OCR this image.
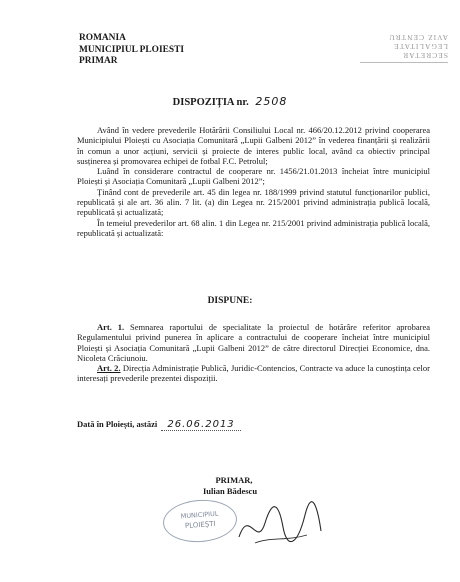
ROMANIA
MUNICIPIUL PLOIESTI
PRIMAR
SECRETAR
LEGALITATE
AVIZ CENTRU
DISPOZIȚIA nr. 2508

Având în vedere prevederile Hotărârii Consiliului Local nr. 466/20.12.2012 privind cooperarea Municipiului Ploiești cu Asociația Comunitară „Lupii Galbeni 2012” în vederea finanțării și realizării în comun a unor acțiuni, servicii și proiecte de interes public local, având ca obiectiv principal susținerea și promovarea echipei de fotbal F.C. Petrolul;

Luând în considerare contractul de cooperare nr. 1456/21.01.2013 încheiat între municipiul Ploiești și Asociația Comunitară „Lupii Galbeni 2012”;

Ținând cont de prevederile art. 45 din legea nr. 188/1999 privind statutul funcționarilor publici, republicată și ale art. 36 alin. 7 lit. (a) din Legea nr. 215/2001 privind administrația publică locală, republicată și actualizată;

În temeiul prevederilor art. 68 alin. 1 din Legea nr. 215/2001 privind administrația publică locală, republicată și actualizată:

DISPUNE:

Art. 1. Semnarea raportului de specialitate la proiectul de hotărâre referitor aprobarea Regulamentului privind punerea în aplicare a contractului de cooperare încheiat între municipiul Ploiești și Asociația Comunitară „Lupii Galbeni 2012” de către directorul Direcției Economice, dna. Nicoleta Crăciunoiu.

Art. 2. Direcția Administrație Publică, Juridic-Contencios, Contracte va aduce la cunoștința celor interesați prevederile prezentei dispoziții.

Dată în Ploiești, astăzi 26.06.2013
PRIMAR,
Iulian Bădescu
MUNICIPIUL
PLOIEȘTI
